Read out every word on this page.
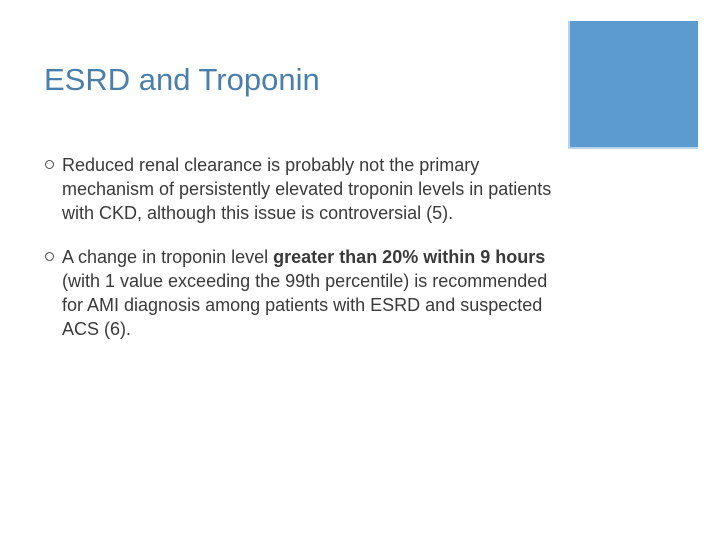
ESRD and Troponin
Reduced renal clearance is probably not the primary mechanism of persistently elevated troponin levels in patients with CKD, although this issue is controversial (5).
A change in troponin level greater than 20% within 9 hours (with 1 value exceeding the 99th percentile) is recommended for AMI diagnosis among patients with ESRD and suspected ACS (6).
